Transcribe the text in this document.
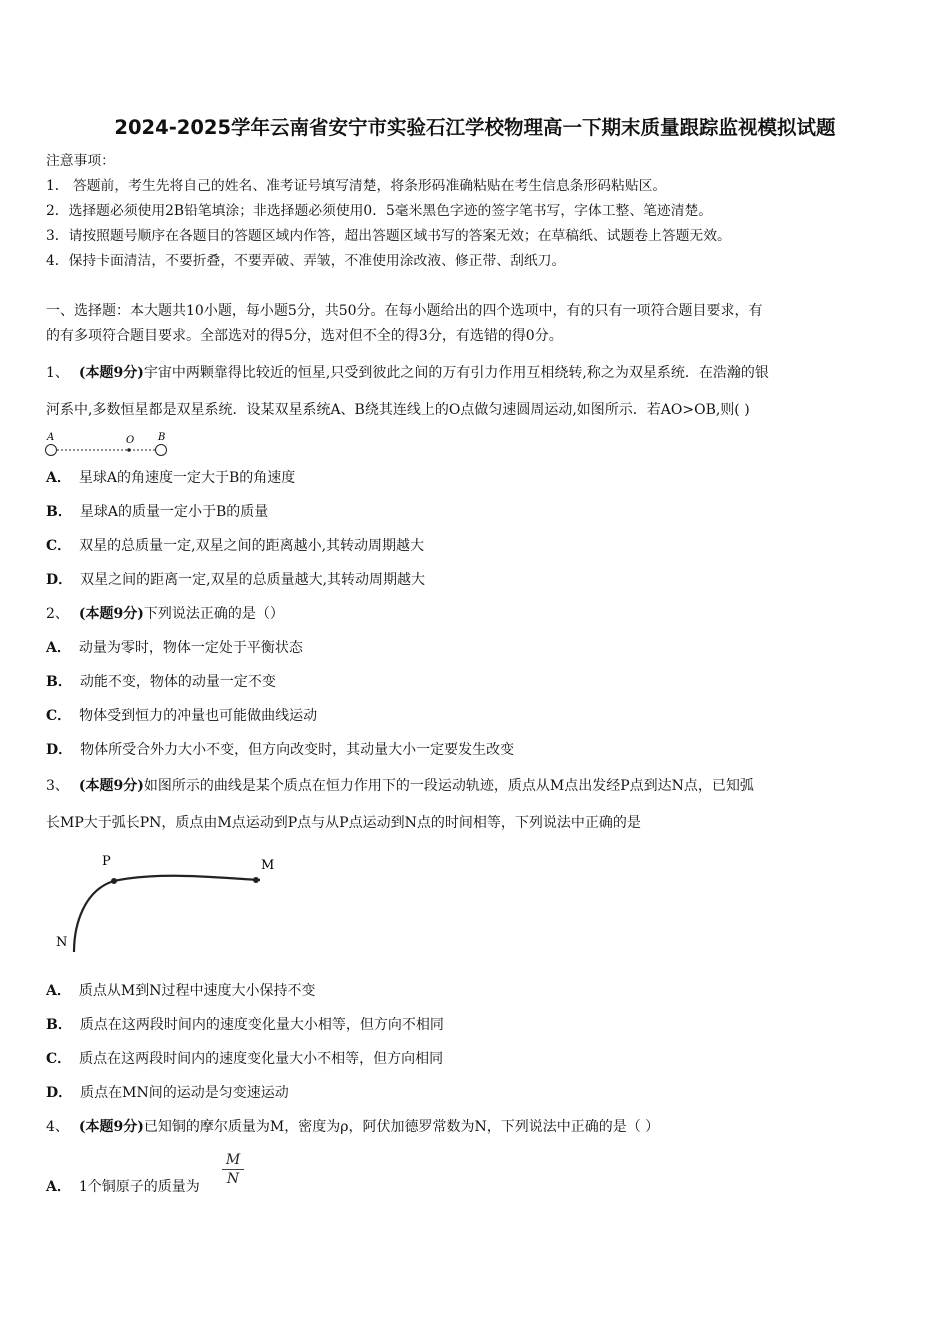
2024-2025学年云南省安宁市实验石江学校物理高一下期末质量跟踪监视模拟试题
注意事项：
1． 答题前，考生先将自己的姓名、准考证号填写清楚，将条形码准确粘贴在考生信息条形码粘贴区。
2．选择题必须使用2B铅笔填涂；非选择题必须使用0．5毫米黑色字迹的签字笔书写，字体工整、笔迹清楚。
3．请按照题号顺序在各题目的答题区域内作答，超出答题区域书写的答案无效；在草稿纸、试题卷上答题无效。
4．保持卡面清洁，不要折叠，不要弄破、弄皱，不准使用涂改液、修正带、刮纸刀。
一、选择题：本大题共10小题，每小题5分，共50分。在每小题给出的四个选项中，有的只有一项符合题目要求，有
的有多项符合题目要求。全部选对的得5分，选对但不全的得3分，有选错的得0分。
1、 (本题9分)宇宙中两颗靠得比较近的恒星,只受到彼此之间的万有引力作用互相绕转,称之为双星系统．在浩瀚的银
河系中,多数恒星都是双星系统．设某双星系统A、B绕其连线上的O点做匀速圆周运动,如图所示．若AO>OB,则( )
A	O B
A． 星球A的角速度一定大于B的角速度
B． 星球A的质量一定小于B的质量
C． 双星的总质量一定,双星之间的距离越小,其转动周期越大
D． 双星之间的距离一定,双星的总质量越大,其转动周期越大
2、 (本题9分)下列说法正确的是（）
A． 动量为零时，物体一定处于平衡状态
B． 动能不变，物体的动量一定不变
C． 物体受到恒力的冲量也可能做曲线运动
D． 物体所受合外力大小不变，但方向改变时，其动量大小一定要发生改变
3、 (本题9分)如图所示的曲线是某个质点在恒力作用下的一段运动轨迹，质点从M点出发经P点到达N点，已知弧
长MP大于弧长PN，质点由M点运动到P点与从P点运动到N点的时间相等，下列说法中正确的是
P	M
N
A． 质点从M到N过程中速度大小保持不变
B． 质点在这两段时间内的速度变化量大小相等，但方向不相同
C． 质点在这两段时间内的速度变化量大小不相等，但方向相同
D． 质点在MN间的运动是匀变速运动
4、 (本题9分)已知铜的摩尔质量为M，密度为ρ，阿伏加德罗常数为N，下列说法中正确的是（ ）
A． 1个铜原子的质量为
M
N
